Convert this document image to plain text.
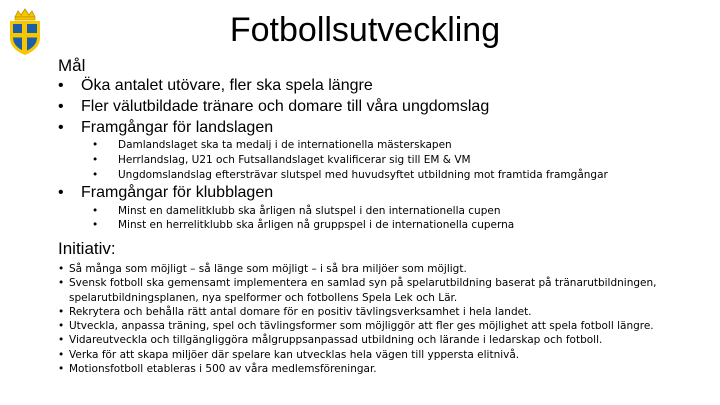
Fotbollsutveckling
Mål
• Öka antalet utövare, fler ska spela längre
• Fler välutbildade tränare och domare till våra ungdomslag
• Framgångar för landslagen
• Damlandslaget ska ta medalj i de internationella mästerskapen
• Herrlandslag, U21 och Futsallandslaget kvalificerar sig till EM & VM
• Ungdomslandslag eftersträvar slutspel med huvudsyftet utbildning mot framtida framgångar
• Framgångar för klubblagen
• Minst en damelitklubb ska årligen nå slutspel i den internationella cupen
• Minst en herrelitklubb ska årligen nå gruppspel i de internationella cuperna
Initiativ:
• Så många som möjligt – så länge som möjligt – i så bra miljöer som möjligt.
• Svensk fotboll ska gemensamt implementera en samlad syn på spelarutbildning baserat på tränarutbildningen, spelarutbildningsplanen, nya spelformer och fotbollens Spela Lek och Lär.
• Rekrytera och behålla rätt antal domare för en positiv tävlingsverksamhet i hela landet.
• Utveckla, anpassa träning, spel och tävlingsformer som möjliggör att fler ges möjlighet att spela fotboll längre.
• Vidareutveckla och tillgängliggöra målgruppsanpassad utbildning och lärande i ledarskap och fotboll.
• Verka för att skapa miljöer där spelare kan utvecklas hela vägen till yppersta elitnivå.
• Motionsfotboll etableras i 500 av våra medlemsföreningar.
